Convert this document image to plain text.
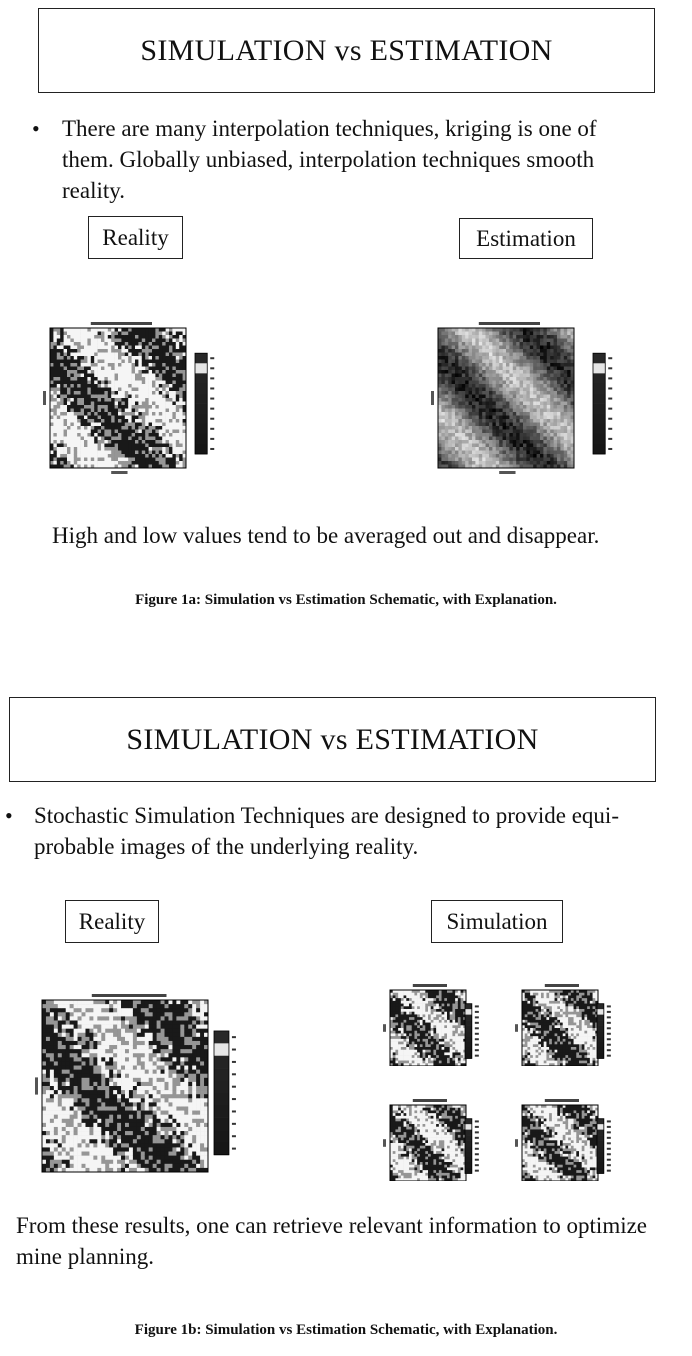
SIMULATION vs ESTIMATION
• There are many interpolation techniques, kriging is one of them. Globally unbiased, interpolation techniques smooth reality.
Reality	Estimation
High and low values tend to be averaged out and disappear.
Figure 1a: Simulation vs Estimation Schematic, with Explanation.
SIMULATION vs ESTIMATION
• Stochastic Simulation Techniques are designed to provide equi-probable images of the underlying reality.
Reality	Simulation
From these results, one can retrieve relevant information to optimize mine planning.
Figure 1b: Simulation vs Estimation Schematic, with Explanation.
